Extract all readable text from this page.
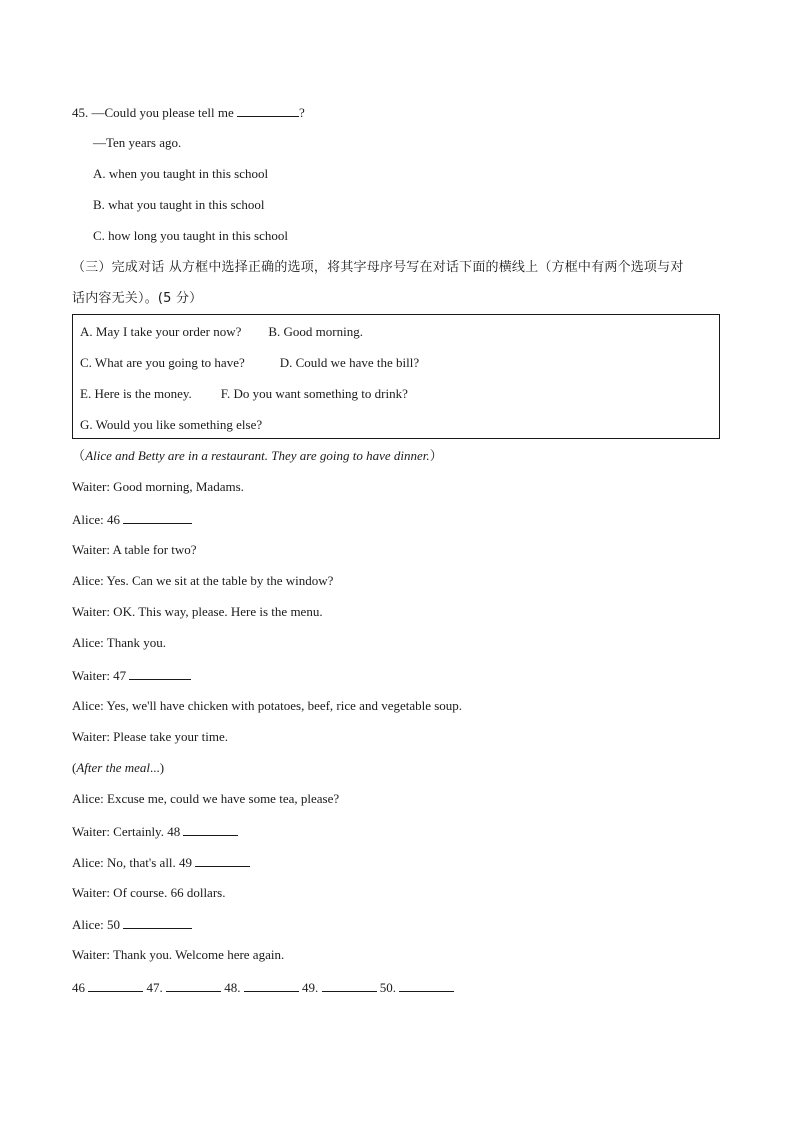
45. —Could you please tell me	?
—Ten years ago.
A. when you taught in this school
B. what you taught in this school
C. how long you taught in this school
（三）完成对话 从方框中选择正确的选项，将其字母序号写在对话下面的横线上（方框中有两个选项与对
话内容无关）。(5 分）
A. May I take your order now? B. Good morning.
C. What are you going to have?	D. Could we have the bill?
E. Here is the money. F. Do you want something to drink?
G. Would you like something else?
（Alice and Betty are in a restaurant. They are going to have dinner.）
Waiter: Good morning, Madams.
Alice: 46
Waiter: A table for two?
Alice: Yes. Can we sit at the table by the window?
Waiter: OK. This way, please. Here is the menu.
Alice: Thank you.
Waiter: 47
Alice: Yes, we'll have chicken with potatoes, beef, rice and vegetable soup.
Waiter: Please take your time.
(After the meal...)
Alice: Excuse me, could we have some tea, please?
Waiter: Certainly. 48
Alice: No, that's all. 49
Waiter: Of course. 66 dollars.
Alice: 50
Waiter: Thank you. Welcome here again.
46	47.	48.	49.	50.
